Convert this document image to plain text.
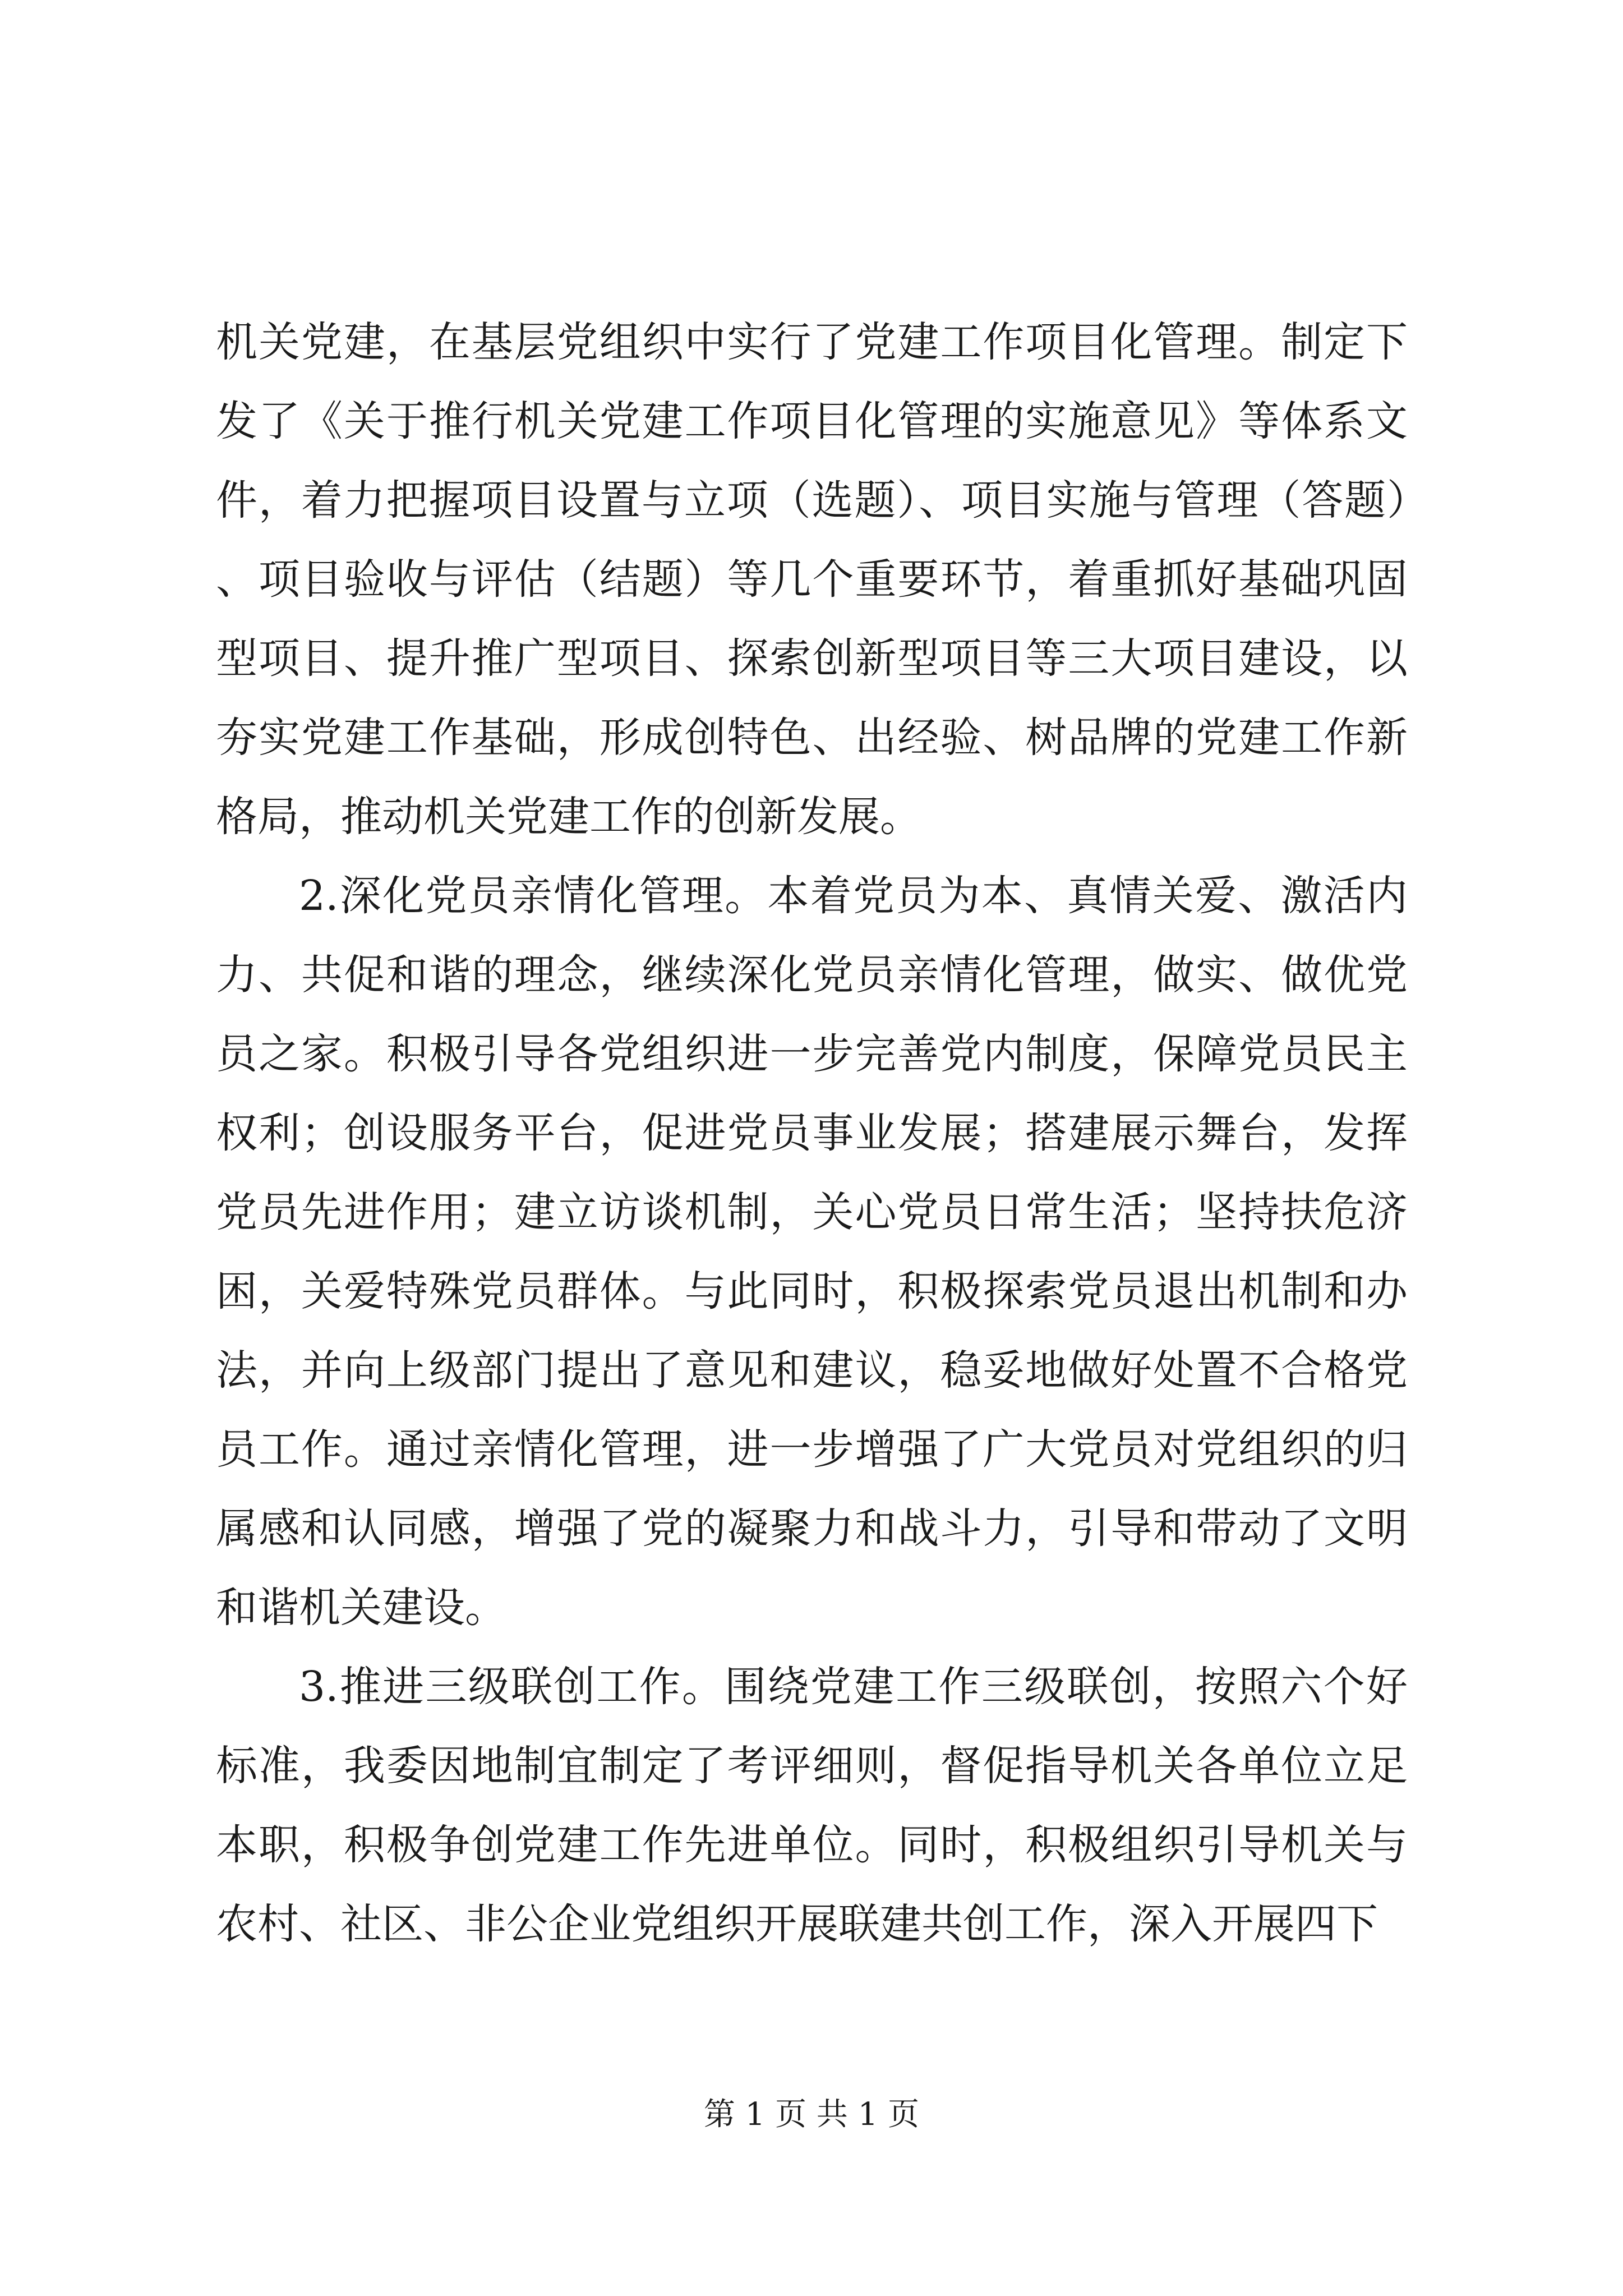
机关党建，在基层党组织中实行了党建工作项目化管理。制定下发了《关于推行机关党建工作项目化管理的实施意见》等体系文件，着力把握项目设置与立项（选题）、项目实施与管理（答题）、项目验收与评估（结题）等几个重要环节，着重抓好基础巩固型项目、提升推广型项目、探索创新型项目等三大项目建设，以夯实党建工作基础，形成创特色、出经验、树品牌的党建工作新格局，推动机关党建工作的创新发展。

2.深化党员亲情化管理。本着党员为本、真情关爱、激活内力、共促和谐的理念，继续深化党员亲情化管理，做实、做优党员之家。积极引导各党组织进一步完善党内制度，保障党员民主权利；创设服务平台，促进党员事业发展；搭建展示舞台，发挥党员先进作用；建立访谈机制，关心党员日常生活；坚持扶危济困，关爱特殊党员群体。与此同时，积极探索党员退出机制和办法，并向上级部门提出了意见和建议，稳妥地做好处置不合格党员工作。通过亲情化管理，进一步增强了广大党员对党组织的归属感和认同感，增强了党的凝聚力和战斗力，引导和带动了文明和谐机关建设。

3.推进三级联创工作。围绕党建工作三级联创，按照六个好标准，我委因地制宜制定了考评细则，督促指导机关各单位立足本职，积极争创党建工作先进单位。同时，积极组织引导机关与农村、社区、非公企业党组织开展联建共创工作，深入开展四下

第 1 页 共 1 页
